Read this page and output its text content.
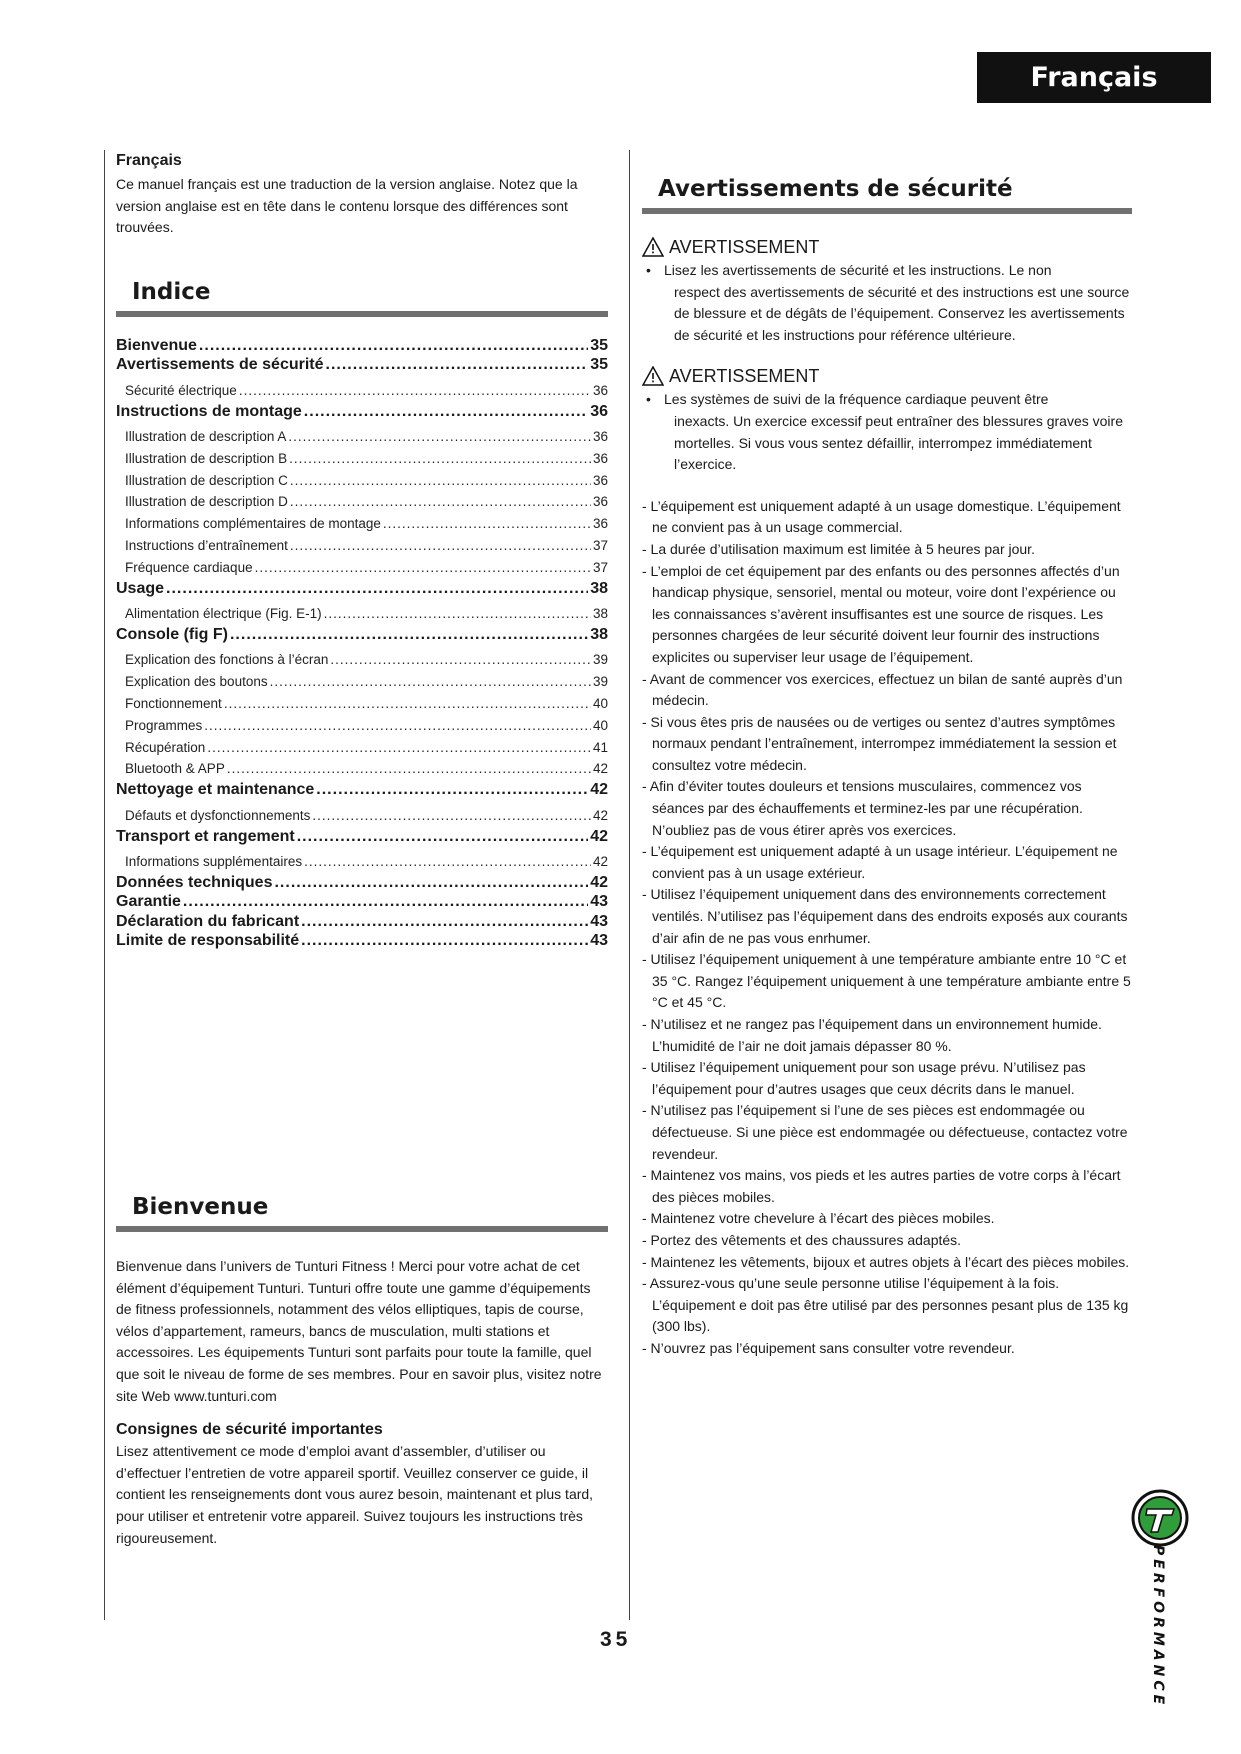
Français

Français

Ce manuel français est une traduction de la version anglaise. Notez que la version anglaise est en tête dans le contenu lorsque des différences sont trouvées.

Indice
Bienvenue .....	35
Avertissements de sécurité .....	35
Sécurité électrique .....	36
Instructions de montage .....	36
Illustration de description A .....	36
Illustration de description B .....	36
Illustration de description C .....	36
Illustration de description D .....	36
Informations complémentaires de montage .....	36
Instructions d’entraînement .....	37
Fréquence cardiaque .....	37
Usage .....	38
Alimentation électrique (Fig. E-1) .....	38
Console (fig F) .....	38
Explication des fonctions à l’écran .....	39
Explication des boutons .....	39
Fonctionnement .....	40
Programmes .....	40
Récupération .....	41
Bluetooth & APP .....	42
Nettoyage et maintenance .....	42
Défauts et dysfonctionnements .....	42
Transport et rangement .....	42
Informations supplémentaires .....	42
Données techniques .....	42
Garantie .....	43
Déclaration du fabricant .....	43
Limite de responsabilité .....	43
Bienvenue

Bienvenue dans l’univers de Tunturi Fitness ! Merci pour votre achat de cet élément d’équipement Tunturi. Tunturi offre toute une gamme d’équipements de fitness professionnels, notamment des vélos elliptiques, tapis de course, vélos d’appartement, rameurs, bancs de musculation, multi stations et accessoires. Les équipements Tunturi sont parfaits pour toute la famille, quel que soit le niveau de forme de ses membres. Pour en savoir plus, visitez notre site Web www.tunturi.com

Consignes de sécurité importantes

Lisez attentivement ce mode d’emploi avant d’assembler, d’utiliser ou d’effectuer l’entretien de votre appareil sportif. Veuillez conserver ce guide, il contient les renseignements dont vous aurez besoin, maintenant et plus tard, pour utiliser et entretenir votre appareil. Suivez toujours les instructions très rigoureusement.

Avertissements de sécurité
AVERTISSEMENT
• Lisez les avertissements de sécurité et les instructions. Le non
respect des avertissements de sécurité et des instructions est une source de blessure et de dégâts de l’équipement. Conservez les avertissements de sécurité et les instructions pour référence ultérieure.
AVERTISSEMENT
• Les systèmes de suivi de la fréquence cardiaque peuvent être
inexacts. Un exercice excessif peut entraîner des blessures graves voire mortelles. Si vous vous sentez défaillir, interrompez immédiatement l’exercice.
- L’équipement est uniquement adapté à un usage domestique. L’équipement ne convient pas à un usage commercial.
- La durée d’utilisation maximum est limitée à 5 heures par jour.
- L’emploi de cet équipement par des enfants ou des personnes affectés d’un handicap physique, sensoriel, mental ou moteur, voire dont l’expérience ou les connaissances s’avèrent insuffisantes est une source de risques. Les personnes chargées de leur sécurité doivent leur fournir des instructions explicites ou superviser leur usage de l’équipement.
- Avant de commencer vos exercices, effectuez un bilan de santé auprès d’un médecin.
- Si vous êtes pris de nausées ou de vertiges ou sentez d’autres symptômes normaux pendant l’entraînement, interrompez immédiatement la session et consultez votre médecin.
- Afin d’éviter toutes douleurs et tensions musculaires, commencez vos séances par des échauffements et terminez-les par une récupération. N’oubliez pas de vous étirer après vos exercices.
- L’équipement est uniquement adapté à un usage intérieur. L’équipement ne convient pas à un usage extérieur.
- Utilisez l’équipement uniquement dans des environnements correctement ventilés. N’utilisez pas l’équipement dans des endroits exposés aux courants d’air afin de ne pas vous enrhumer.
- Utilisez l’équipement uniquement à une température ambiante entre 10 °C et 35 °C. Rangez l’équipement uniquement à une température ambiante entre 5 °C et 45 °C.
- N’utilisez et ne rangez pas l’équipement dans un environnement humide. L’humidité de l’air ne doit jamais dépasser 80 %.
- Utilisez l’équipement uniquement pour son usage prévu. N’utilisez pas l’équipement pour d’autres usages que ceux décrits dans le manuel.
- N’utilisez pas l’équipement si l’une de ses pièces est endommagée ou défectueuse. Si une pièce est endommagée ou défectueuse, contactez votre revendeur.
- Maintenez vos mains, vos pieds et les autres parties de votre corps à l’écart des pièces mobiles.
- Maintenez votre chevelure à l’écart des pièces mobiles.
- Portez des vêtements et des chaussures adaptés.
- Maintenez les vêtements, bijoux et autres objets à l’écart des pièces mobiles.
- Assurez-vous qu’une seule personne utilise l’équipement à la fois. L’équipement e doit pas être utilisé par des personnes pesant plus de 135 kg (300 lbs).
- N’ouvrez pas l’équipement sans consulter votre revendeur.
35	PERFORMANCE
